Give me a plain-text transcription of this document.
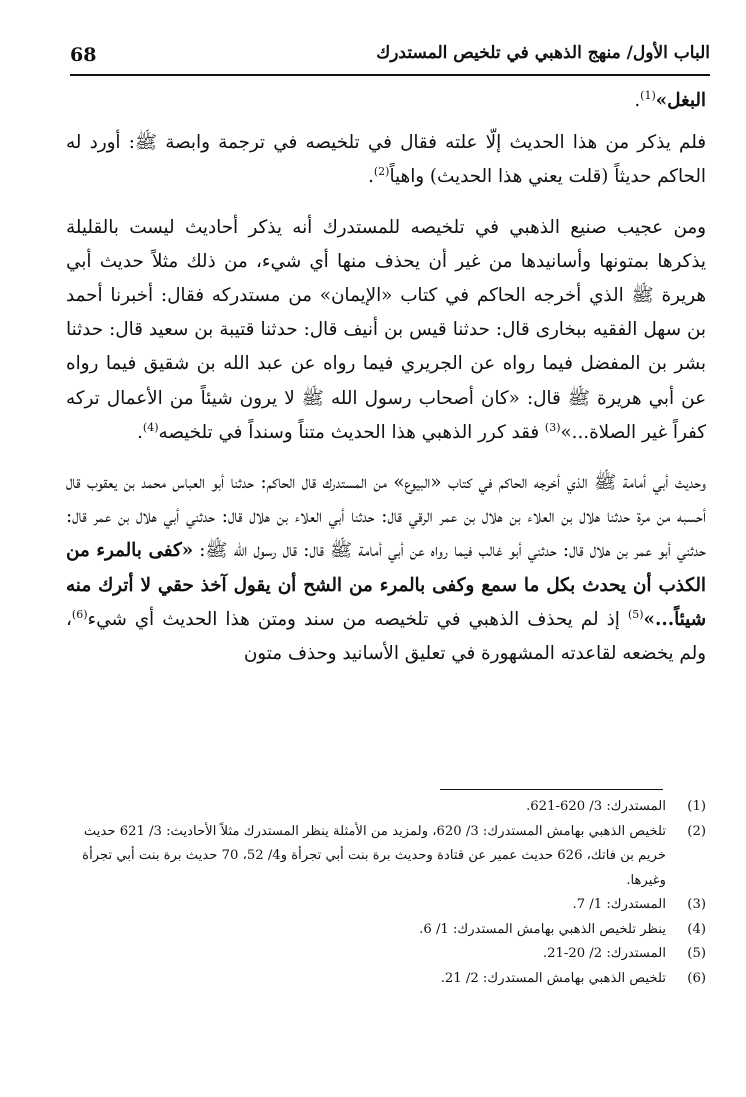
68	الباب الأول/ منهج الذهبي في تلخيص المستدرك

البغل»$^{(1)}$.

فلم يذكر من هذا الحديث إلّا علته فقال في تلخيصه في ترجمة وابصة ﷺ: أورد له الحاكم حديثاً (قلت يعني هذا الحديث) واهياً$^{(2)}$.

ومن عجيب صنيع الذهبي في تلخيصه للمستدرك أنه يذكر أحاديث ليست بالقليلة يذكرها بمتونها وأسانيدها من غير أن يحذف منها أي شيء، من ذلك مثلاً حديث أبي هريرة ﷺ الذي أخرجه الحاكم في كتاب «الإيمان» من مستدركه فقال: أخبرنا أحمد بن سهل الفقيه ببخارى قال: حدثنا قيس بن أنيف قال: حدثنا قتيبة بن سعيد قال: حدثنا بشر بن المفضل فيما رواه عن الجريري فيما رواه عن عبد الله بن شقيق فيما رواه عن أبي هريرة ﷺ قال: «كان أصحاب رسول الله ﷺ لا يرون شيئاً من الأعمال تركه كفراً غير الصلاة...»$^{(3)}$ فقد كرر الذهبي هذا الحديث متناً وسنداً في تلخيصه$^{(4)}$.

وحديث أبي أمامة ﷺ الذي أخرجه الحاكم في كتاب «البيوع» من المستدرك قال الحاكم: حدثنا أبو العباس محمد بن يعقوب قال أحسبه من مرة حدثنا هلال بن العلاء بن هلال بن عمر الرقي قال: حدثنا أبي العلاء بن هلال قال: حدثني أبي هلال بن عمر قال: حدثني أبو عمر بن هلال قال: حدثني أبو غالب فيما رواه عن أبي أمامة ﷺ قال: قال رسول الله ﷺ: «كفى بالمرء من الكذب أن يحدث بكل ما سمع وكفى بالمرء من الشح أن يقول آخذ حقي لا أترك منه شيئاً...»$^{(5)}$ إذ لم يحذف الذهبي في تلخيصه من سند ومتن هذا الحديث أي شيء$^{(6)}$، ولم يخضعه لقاعدته المشهورة في تعليق الأسانيد وحذف متون

(1)
المستدرك: 3/ 620-621.
(2)
تلخيص الذهبي بهامش المستدرك: 3/ 620، ولمزيد من الأمثلة ينظر المستدرك مثلاً الأحاديث: 3/ 621 حديث خريم بن فاتك، 626 حديث عمير عن قتادة وحديث برة بنت أبي تجرأة و4/ 52، 70 حديث برة بنت أبي تجرأة وغيرها.
(3)
المستدرك: 1/ 7.
(4)
ينظر تلخيص الذهبي بهامش المستدرك: 1/ 6.
(5)
المستدرك: 2/ 20-21.
(6)
تلخيص الذهبي بهامش المستدرك: 2/ 21.
